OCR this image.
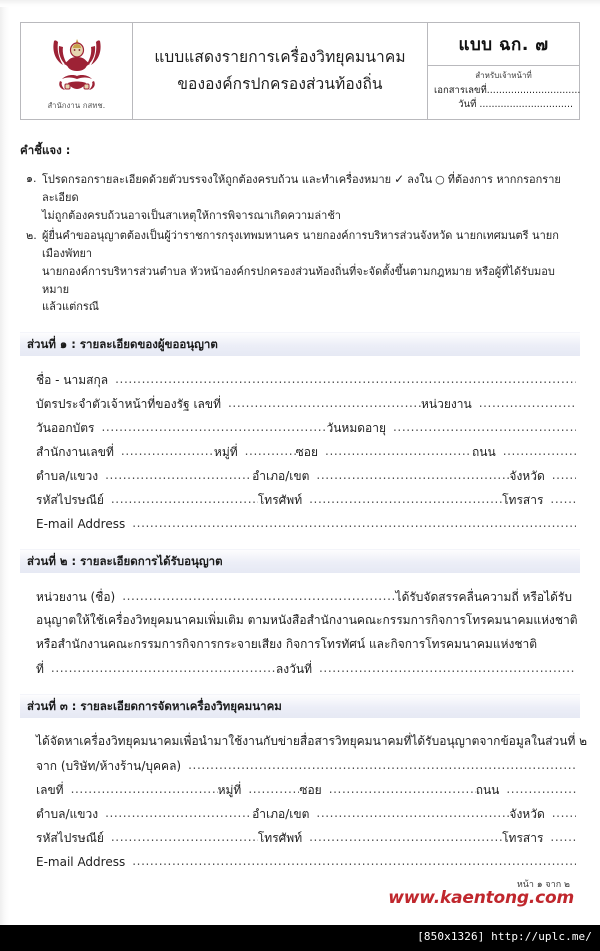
สำนักงาน กสทช.

แบบแสดงรายการเครื่องวิทยุคมนาคม
ขององค์กรปกครองส่วนท้องถิ่น

แบบ ฉก. ๗
สำหรับเจ้าหน้าที่
เอกสารเลขที่...............................
วันที่ ...............................
คำชี้แจง :
๑. โปรดกรอกรายละเอียดด้วยตัวบรรจงให้ถูกต้องครบถ้วน และทำเครื่องหมาย ✓ ลงใน ○ ที่ต้องการ หากกรอกรายละเอียด
ไม่ถูกต้องครบถ้วนอาจเป็นสาเหตุให้การพิจารณาเกิดความล่าช้า
๒. ผู้ยื่นคำขออนุญาตต้องเป็นผู้ว่าราชการกรุงเทพมหานคร นายกองค์การบริหารส่วนจังหวัด นายกเทศมนตรี นายกเมืองพัทยา
นายกองค์การบริหารส่วนตำบล หัวหน้าองค์กรปกครองส่วนท้องถิ่นที่จะจัดตั้งขึ้นตามกฎหมาย หรือผู้ที่ได้รับมอบหมาย
แล้วแต่กรณี
ส่วนที่ ๑ : รายละเอียดของผู้ขออนุญาต
ชื่อ - นามสกุล
.....
บัตรประจำตัวเจ้าหน้าที่ของรัฐ เลขที่ .....	หน่วยงาน
.....
วันออกบัตร .....	วันหมดอายุ
.....
สำนักงานเลขที่ .....	หมู่ที่ .....	ซอย .....	ถนน
.....
ตำบล/แขวง .....	อำเภอ/เขต .....	จังหวัด
.....
รหัสไปรษณีย์ .....	โทรศัพท์ .....	โทรสาร
.....
E-mail Address
.....
ส่วนที่ ๒ : รายละเอียดการได้รับอนุญาต
หน่วยงาน (ชื่อ) .....	ได้รับจัดสรรคลื่นความถี่ หรือได้รับ
อนุญาตให้ใช้เครื่องวิทยุคมนาคมเพิ่มเติม ตามหนังสือสำนักงานคณะกรรมการกิจการโทรคมนาคมแห่งชาติ
หรือสำนักงานคณะกรรมการกิจการกระจายเสียง กิจการโทรทัศน์ และกิจการโทรคมนาคมแห่งชาติ
ที่ .....	ลงวันที่
.....
ส่วนที่ ๓ : รายละเอียดการจัดหาเครื่องวิทยุคมนาคม
ได้จัดหาเครื่องวิทยุคมนาคมเพื่อนำมาใช้งานกับข่ายสื่อสารวิทยุคมนาคมที่ได้รับอนุญาตจากข้อมูลในส่วนที่ ๒
จาก (บริษัท/ห้างร้าน/บุคคล)
.....
เลขที่ .....	หมู่ที่ .....	ซอย .....	ถนน
.....
ตำบล/แขวง .....	อำเภอ/เขต .....	จังหวัด
.....
รหัสไปรษณีย์ .....	โทรศัพท์ .....	โทรสาร
.....
E-mail Address
.....
หน้า ๑ จาก ๒
www.kaentong.com
[850x1326] http://uplc.me/
